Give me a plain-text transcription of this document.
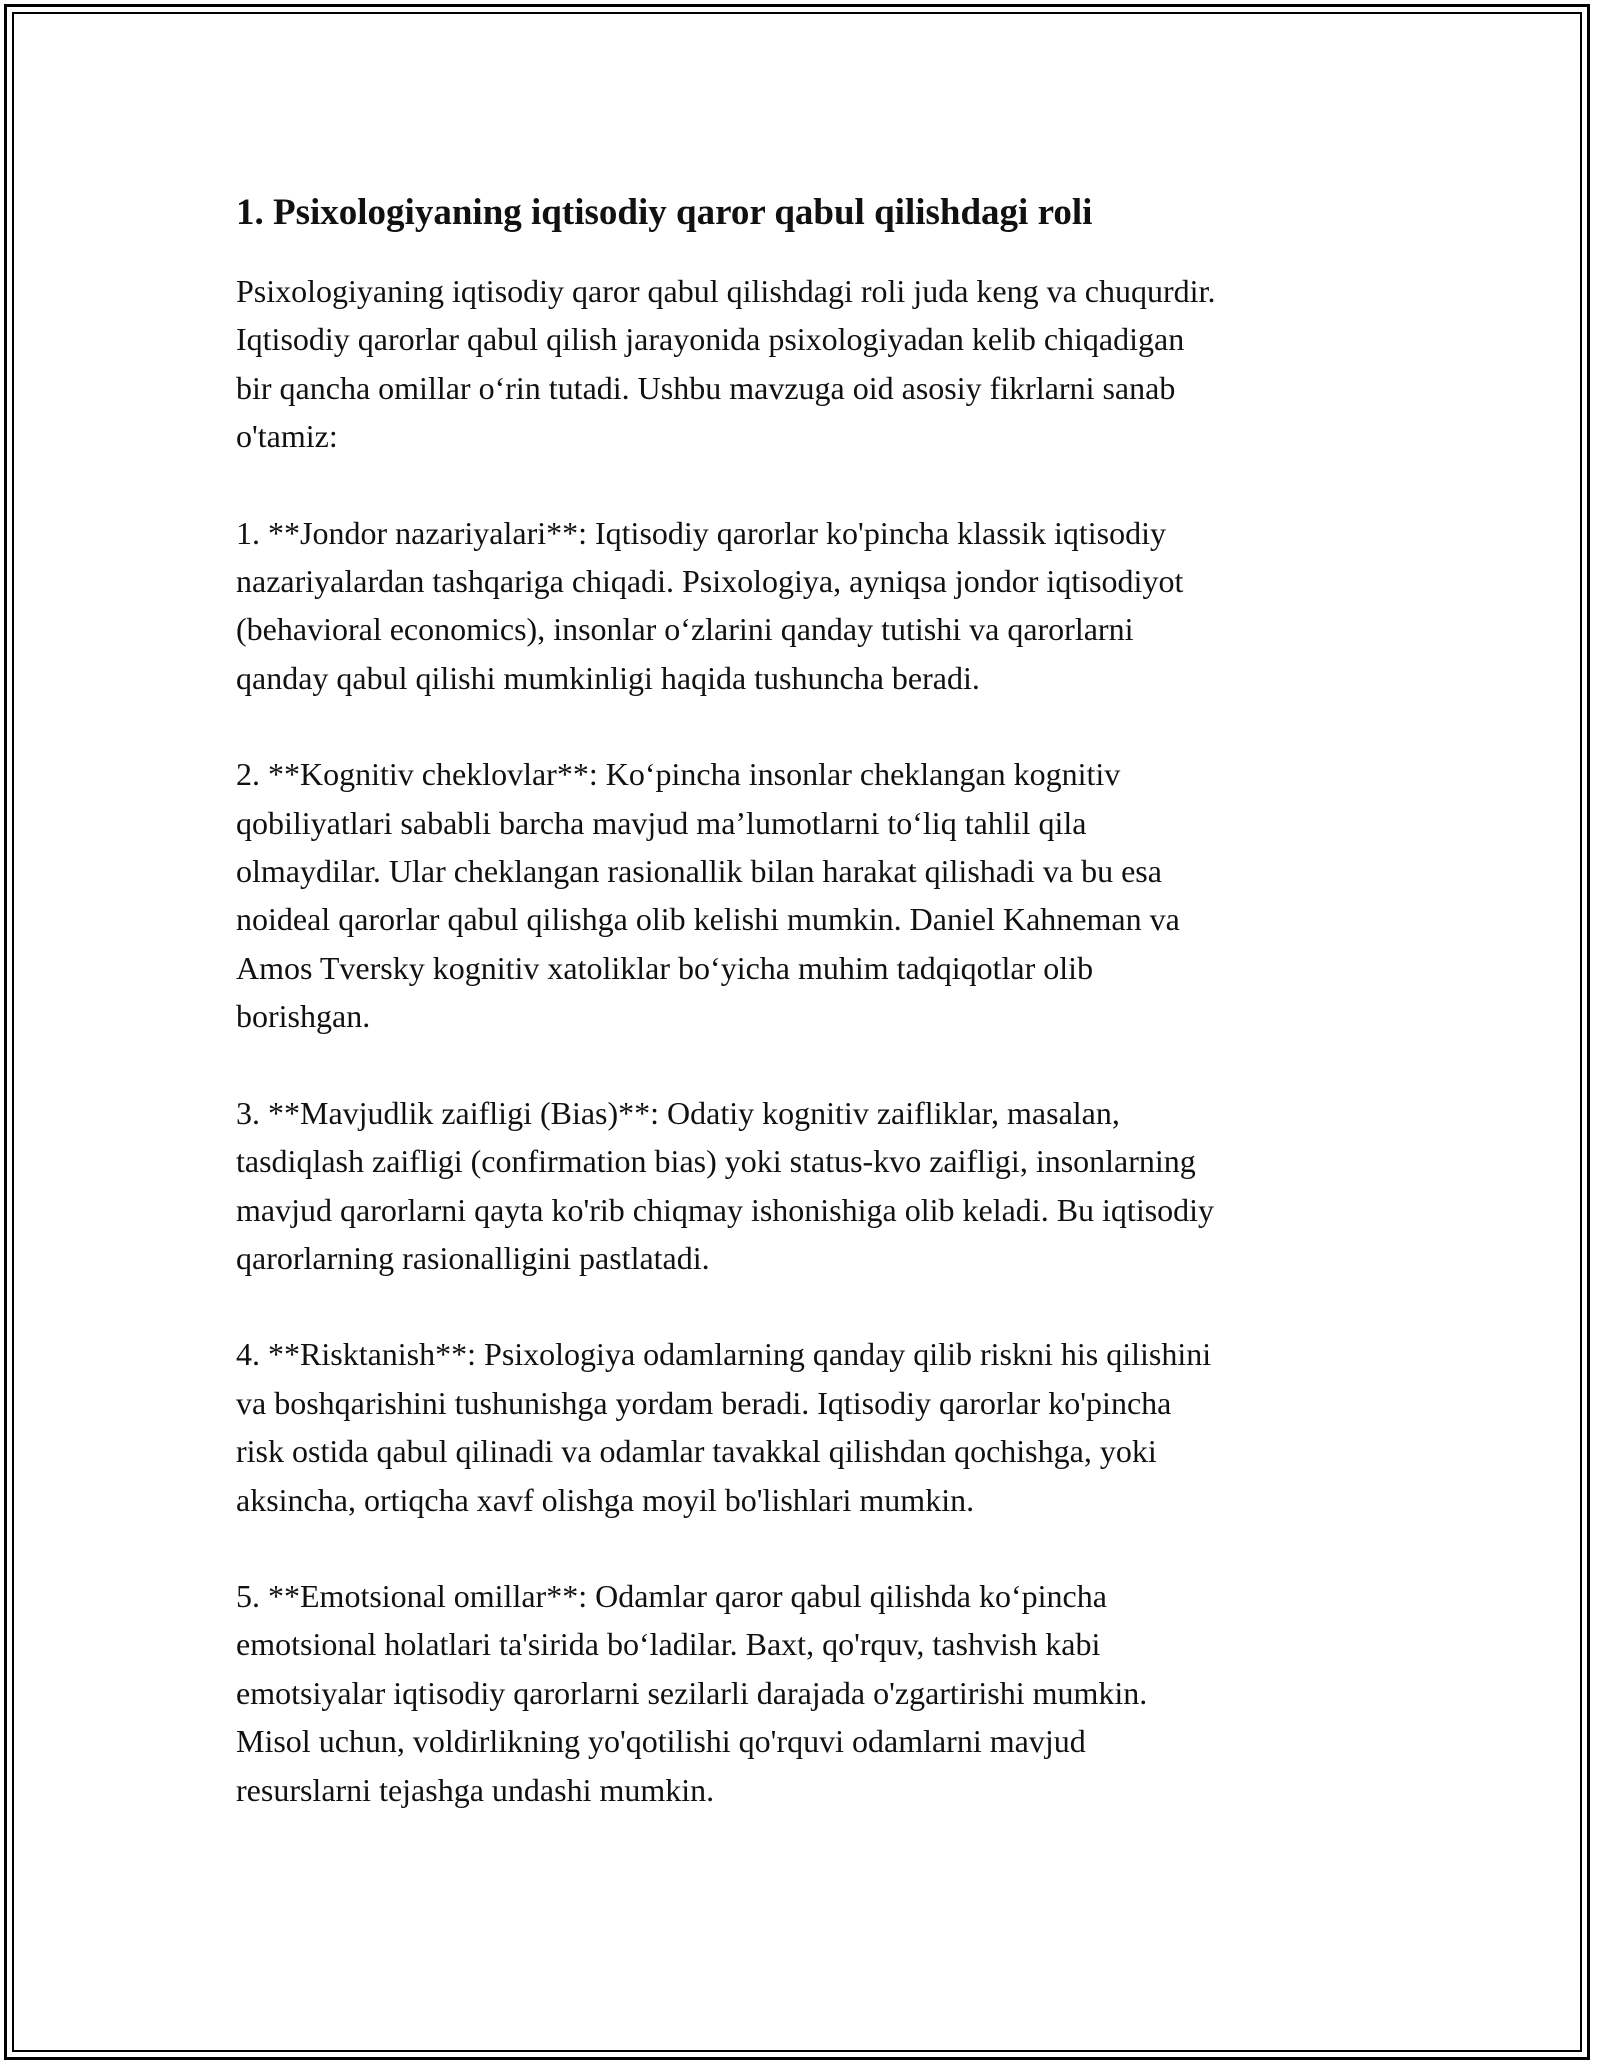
1. Psixologiyaning iqtisodiy qaror qabul qilishdagi roli

Psixologiyaning iqtisodiy qaror qabul qilishdagi roli juda keng va chuqurdir.
Iqtisodiy qarorlar qabul qilish jarayonida psixologiyadan kelib chiqadigan
bir qancha omillar o‘rin tutadi. Ushbu mavzuga oid asosiy fikrlarni sanab
o'tamiz:

1. **Jondor nazariyalari**: Iqtisodiy qarorlar ko'pincha klassik iqtisodiy
nazariyalardan tashqariga chiqadi. Psixologiya, ayniqsa jondor iqtisodiyot
(behavioral economics), insonlar o‘zlarini qanday tutishi va qarorlarni
qanday qabul qilishi mumkinligi haqida tushuncha beradi.

2. **Kognitiv cheklovlar**: Ko‘pincha insonlar cheklangan kognitiv
qobiliyatlari sababli barcha mavjud ma’lumotlarni to‘liq tahlil qila
olmaydilar. Ular cheklangan rasionallik bilan harakat qilishadi va bu esa
noideal qarorlar qabul qilishga olib kelishi mumkin. Daniel Kahneman va
Amos Tversky kognitiv xatoliklar bo‘yicha muhim tadqiqotlar olib
borishgan.

3. **Mavjudlik zaifligi (Bias)**: Odatiy kognitiv zaifliklar, masalan,
tasdiqlash zaifligi (confirmation bias) yoki status-kvo zaifligi, insonlarning
mavjud qarorlarni qayta ko'rib chiqmay ishonishiga olib keladi. Bu iqtisodiy
qarorlarning rasionalligini pastlatadi.

4. **Risktanish**: Psixologiya odamlarning qanday qilib riskni his qilishini
va boshqarishini tushunishga yordam beradi. Iqtisodiy qarorlar ko'pincha
risk ostida qabul qilinadi va odamlar tavakkal qilishdan qochishga, yoki
aksincha, ortiqcha xavf olishga moyil bo'lishlari mumkin.

5. **Emotsional omillar**: Odamlar qaror qabul qilishda ko‘pincha
emotsional holatlari ta'sirida bo‘ladilar. Baxt, qo'rquv, tashvish kabi
emotsiyalar iqtisodiy qarorlarni sezilarli darajada o'zgartirishi mumkin.
Misol uchun, voldirlikning yo'qotilishi qo'rquvi odamlarni mavjud
resurslarni tejashga undashi mumkin.
